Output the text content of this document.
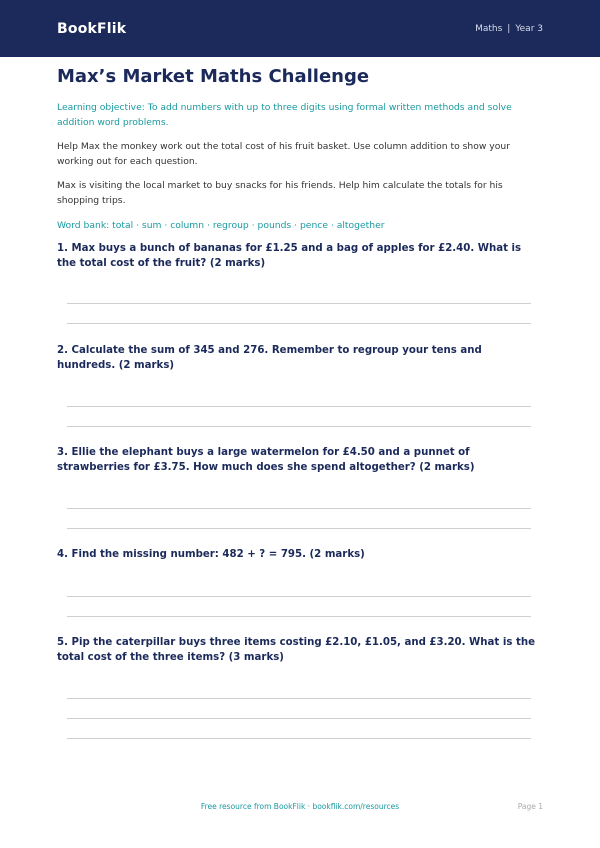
BookFlik	Maths | Year 3
Max’s Market Maths Challenge
Learning objective: To add numbers with up to three digits using formal written methods and solve addition word problems.
Help Max the monkey work out the total cost of his fruit basket. Use column addition to show your working out for each question.
Max is visiting the local market to buy snacks for his friends. Help him calculate the totals for his shopping trips.
Word bank: total · sum · column · regroup · pounds · pence · altogether
1. Max buys a bunch of bananas for £1.25 and a bag of apples for £2.40. What is the total cost of the fruit? (2 marks)
2. Calculate the sum of 345 and 276. Remember to regroup your tens and hundreds. (2 marks)
3. Ellie the elephant buys a large watermelon for £4.50 and a punnet of strawberries for £3.75. How much does she spend altogether? (2 marks)
4. Find the missing number: 482 + ? = 795. (2 marks)
5. Pip the caterpillar buys three items costing £2.10, £1.05, and £3.20. What is the total cost of the three items? (3 marks)
Free resource from BookFlik · bookflik.com/resources	Page 1
